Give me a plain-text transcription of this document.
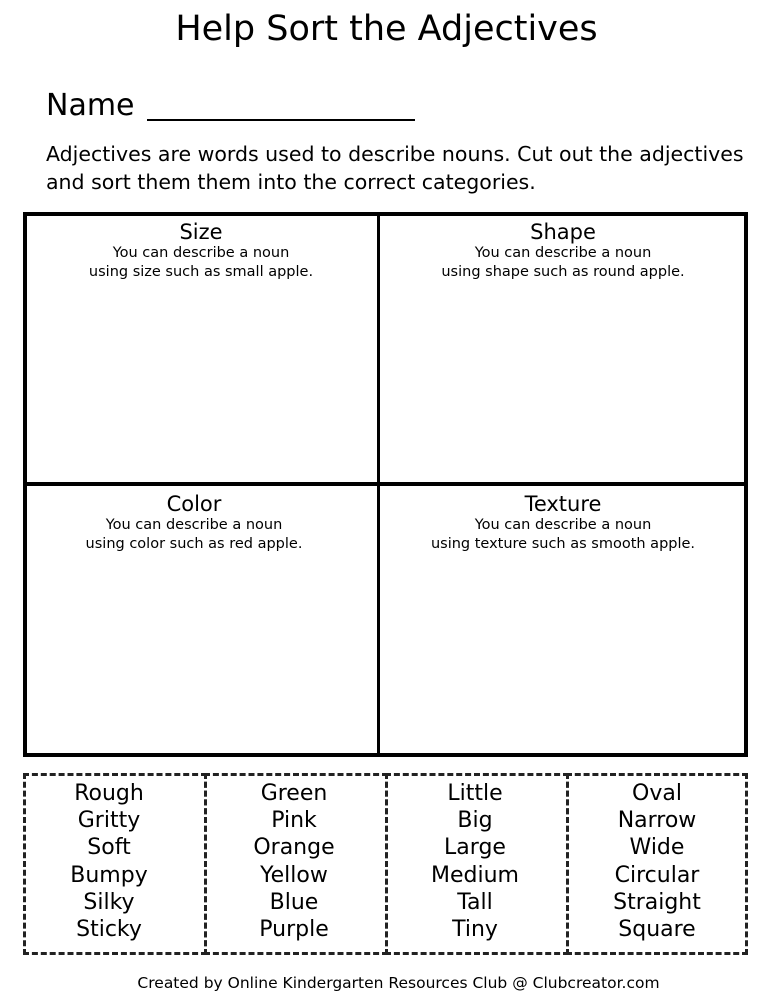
Help Sort the Adjectives
Name
Adjectives are words used to describe nouns. Cut out the adjectives and sort them them into the correct categories.
Size
You can describe a noun
using size such as small apple.
Shape
You can describe a noun
using shape such as round apple.
Color
You can describe a noun
using color such as red apple.
Texture
You can describe a noun
using texture such as smooth apple.
Rough
Gritty
Soft
Bumpy
Silky
Sticky
Green
Pink
Orange
Yellow
Blue
Purple
Little
Big
Large
Medium
Tall
Tiny
Oval
Narrow
Wide
Circular
Straight
Square
Created by Online Kindergarten Resources Club @ Clubcreator.com
